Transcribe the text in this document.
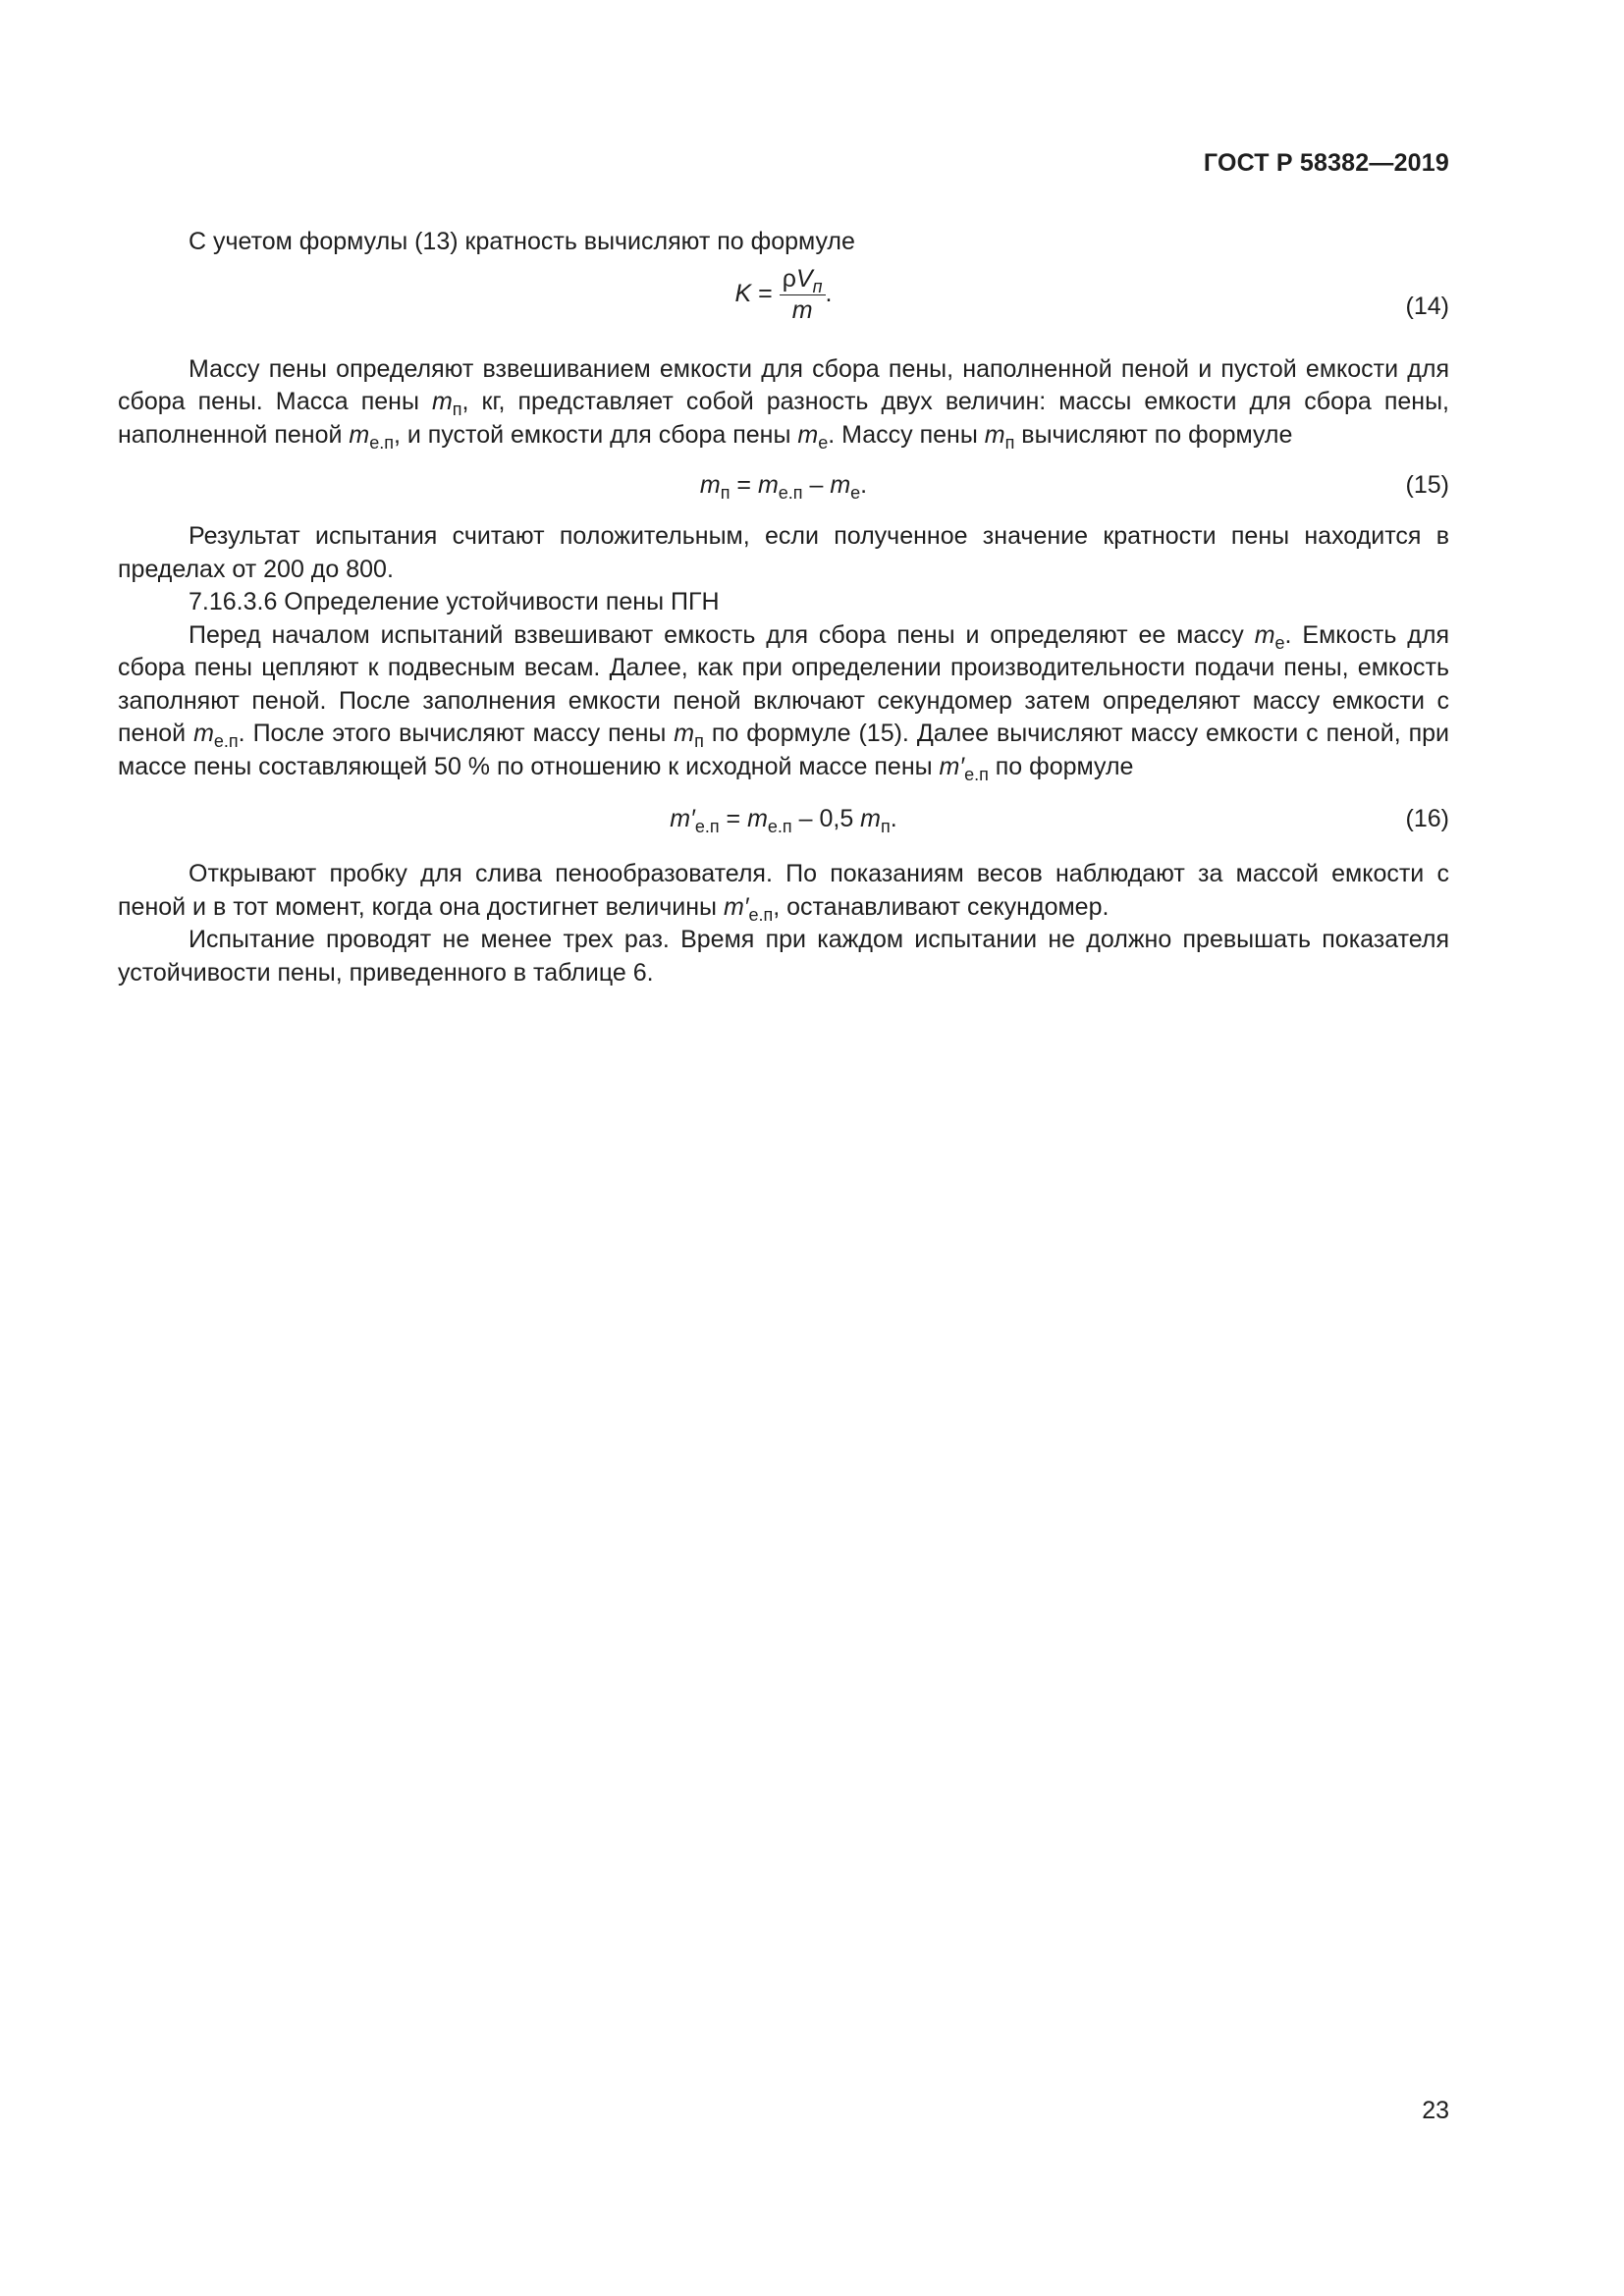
ГОСТ Р 58382—2019

С учетом формулы (13) кратность вычисляют по формуле

$K = \frac{\rho V_п}{m}$ .	(14)

Массу пены определяют взвешиванием емкости для сбора пены, наполненной пеной и пустой емкости для сбора пены. Масса пены $m_п$, кг, представляет собой разность двух величин: массы емкости для сбора пены, наполненной пеной $m_{е.п}$, и пустой емкости для сбора пены $m_е$. Массу пены $m_п$ вычисляют по формуле

$m_п = m_{е.п} - m_е$.	(15)

Результат испытания считают положительным, если полученное значение кратности пены находится в пределах от 200 до 800.

7.16.3.6 Определение устойчивости пены ПГН

Перед началом испытаний взвешивают емкость для сбора пены и определяют ее массу $m_е$. Емкость для сбора пены цепляют к подвесным весам. Далее, как при определении производительности подачи пены, емкость заполняют пеной. После заполнения емкости пеной включают секундомер затем определяют массу емкости с пеной $m_{е.п}$. После этого вычисляют массу пены $m_п$ по формуле (15). Далее вычисляют массу емкости с пеной, при массе пены составляющей 50 % по отношению к исходной массе пены $m'_{е.п}$ по формуле

$m'_{е.п} = m_{е.п} - 0,5$ $m_п$.	(16)

Открывают пробку для слива пенообразователя. По показаниям весов наблюдают за массой емкости с пеной и в тот момент, когда она достигнет величины $m'_{е.п}$, останавливают секундомер.

Испытание проводят не менее трех раз. Время при каждом испытании не должно превышать показателя устойчивости пены, приведенного в таблице 6.

23
